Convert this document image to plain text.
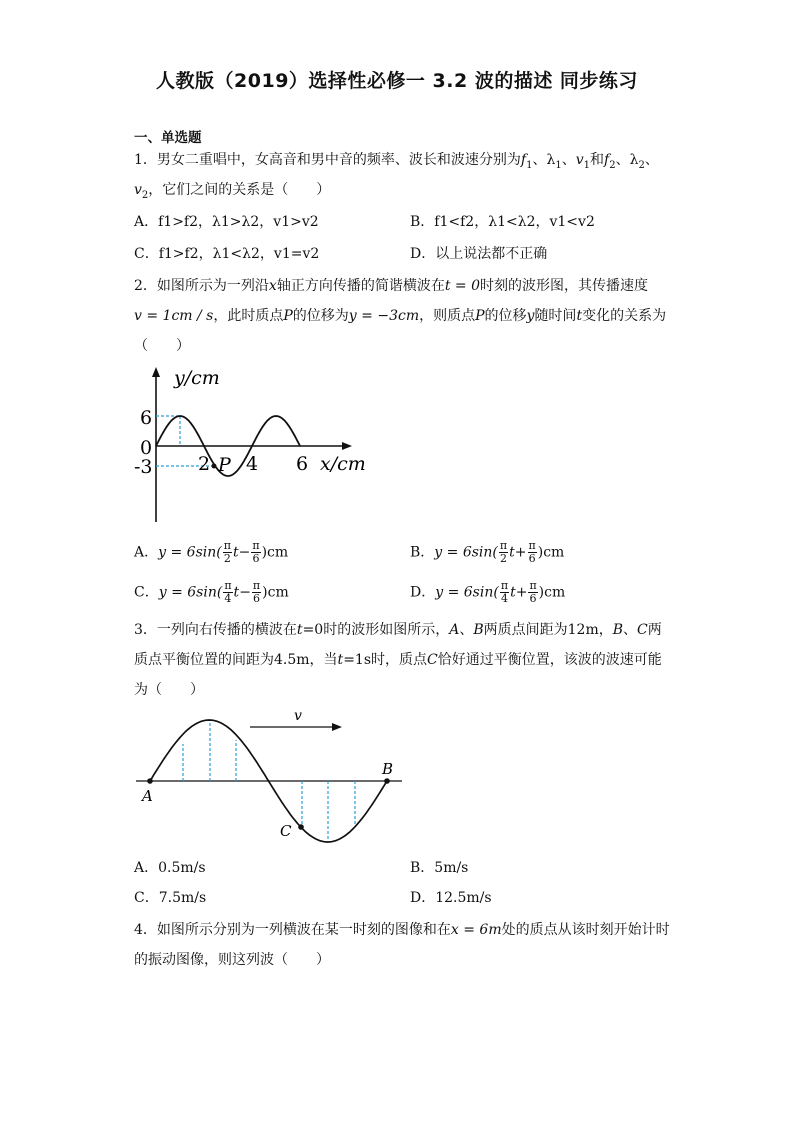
人教版（2019）选择性必修一 3.2 波的描述 同步练习
一、单选题
1．男女二重唱中，女高音和男中音的频率、波长和波速分别为$f_1$、$\lambda_1$、$v_1$和$f_2$、$\lambda_2$、
$v_2$，它们之间的关系是（　　）
A．f1>f2，λ1>λ2，v1>v2	B．f1<f2，λ1<λ2，v1<v2
C．f1>f2，λ1<λ2，v1=v2	D．以上说法都不正确
2．如图所示为一列沿x轴正方向传播的简谐横波在t = 0时刻的波形图，其传播速度
v = 1cm / s，此时质点P的位移为y = −3cm，则质点P的位移y随时间t变化的关系为
（　　）
y/cm
6
0
-3 2 P 4 6 x/cm
A．$y = 6\sin( \frac{\pi}{2} t- \frac{\pi}{6} )cm$	B．$y = 6\sin( \frac{\pi}{2} t+ \frac{\pi}{6} )cm$
C．$y = 6\sin( \frac{\pi}{4} t- \frac{\pi}{6} )cm$	D．$y = 6\sin( \frac{\pi}{4} t+ \frac{\pi}{6} )cm$
3．一列向右传播的横波在t=0时的波形如图所示，A、B两质点间距为12m，B、C两
质点平衡位置的间距为4.5m，当t=1s时，质点C恰好通过平衡位置，该波的波速可能
为（　　）
v
A
B
C
A．0.5m/s	B．5m/s
C．7.5m/s	D．12.5m/s
4．如图所示分别为一列横波在某一时刻的图像和在x = 6m处的质点从该时刻开始计时
的振动图像，则这列波（　　）
